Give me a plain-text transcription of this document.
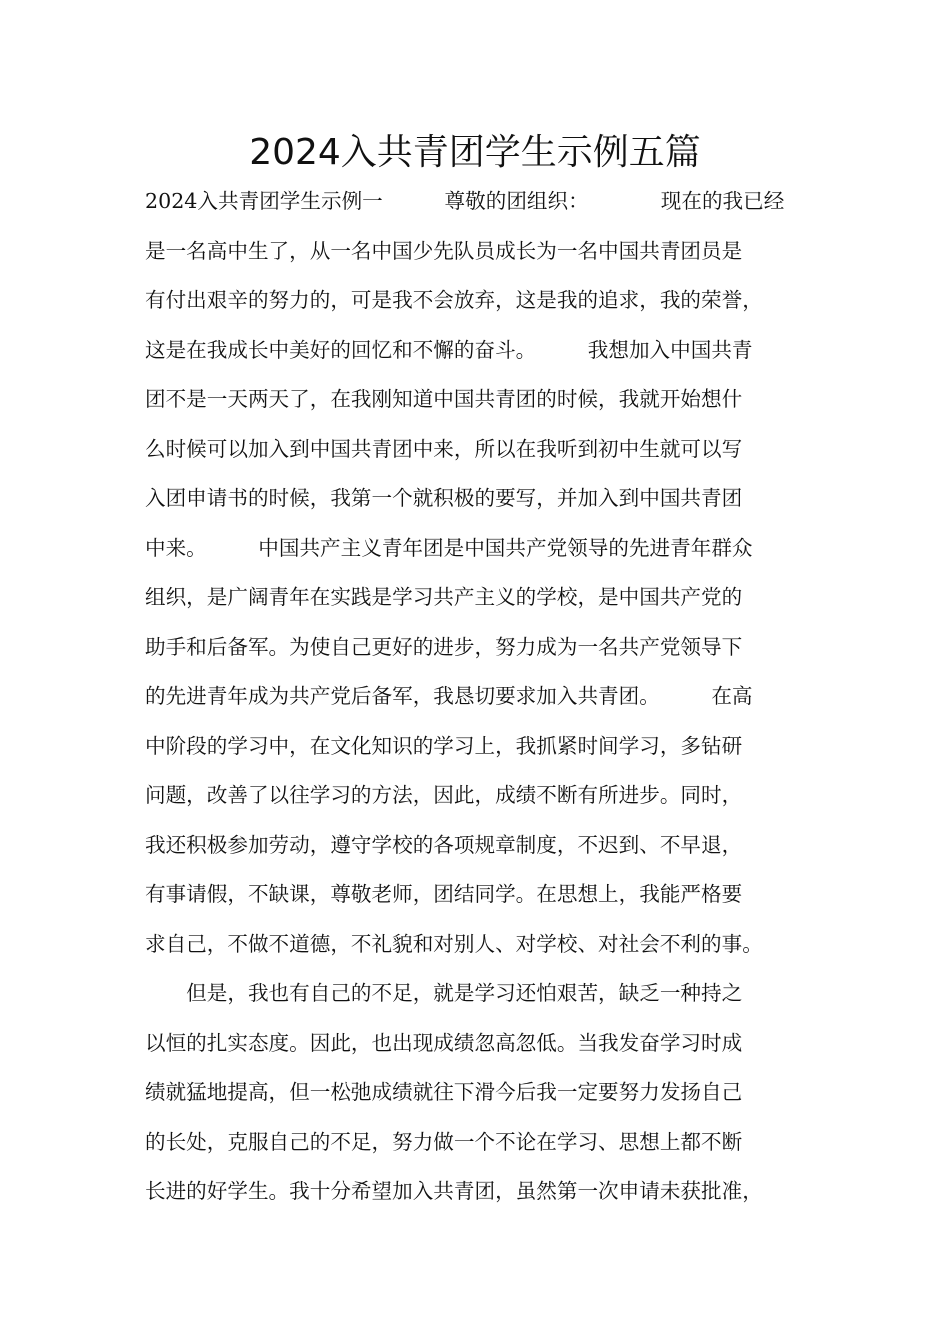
2024入共青团学生示例五篇
2024入共青团学生示例一　　　尊敬的团组织：　　　　现在的我已经
是一名高中生了，从一名中国少先队员成长为一名中国共青团员是
有付出艰辛的努力的，可是我不会放弃，这是我的追求，我的荣誉，
这是在我成长中美好的回忆和不懈的奋斗。　　　我想加入中国共青
团不是一天两天了，在我刚知道中国共青团的时候，我就开始想什
么时候可以加入到中国共青团中来，所以在我听到初中生就可以写
入团申请书的时候，我第一个就积极的要写，并加入到中国共青团
中来。　　　中国共产主义青年团是中国共产党领导的先进青年群众
组织，是广阔青年在实践是学习共产主义的学校，是中国共产党的
助手和后备军。为使自己更好的进步，努力成为一名共产党领导下
的先进青年成为共产党后备军，我恳切要求加入共青团。　　　在高
中阶段的学习中，在文化知识的学习上，我抓紧时间学习，多钻研
问题，改善了以往学习的方法，因此，成绩不断有所进步。同时，
我还积极参加劳动，遵守学校的各项规章制度，不迟到、不早退，
有事请假，不缺课，尊敬老师，团结同学。在思想上，我能严格要
求自己，不做不道德，不礼貌和对别人、对学校、对社会不利的事。
　　但是，我也有自己的不足，就是学习还怕艰苦，缺乏一种持之
以恒的扎实态度。因此，也出现成绩忽高忽低。当我发奋学习时成
绩就猛地提高，但一松弛成绩就往下滑今后我一定要努力发扬自己
的长处，克服自己的不足，努力做一个不论在学习、思想上都不断
长进的好学生。我十分希望加入共青团，虽然第一次申请未获批准，
